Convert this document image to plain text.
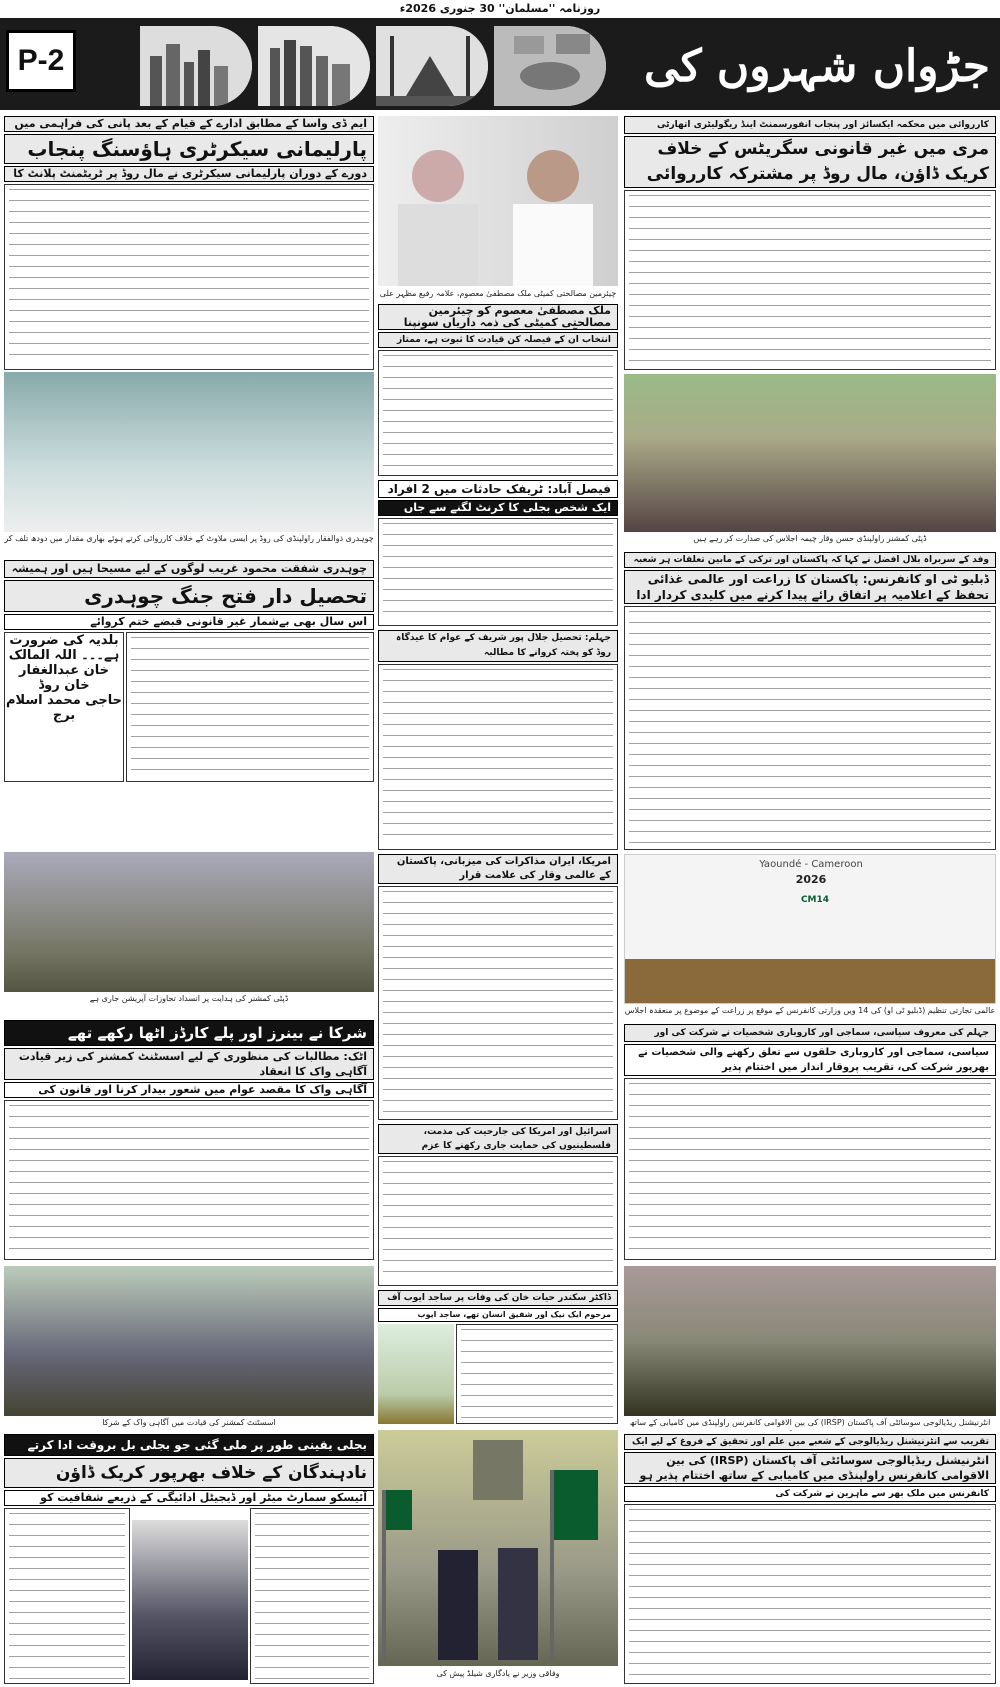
روزنامہ ''مسلمان'' 30 جنوری 2026ء
P-2	جڑواں شہروں کی
ایم ڈی واسا کے مطابق ادارے کے قیام کے بعد پانی کی فراہمی میں
پارلیمانی سیکرٹری ہاؤسنگ پنجاب
دورے کے دوران پارلیمانی سیکرٹری نے مال روڈ پر ٹریٹمنٹ پلانٹ کا
چوہدری ذوالفقار راولپنڈی کی روڈ پر ایسی ملاوٹ کے خلاف کارروائی کرتے ہوئے بھاری مقدار میں دودھ تلف کر
چوہدری شفقت محمود غریب لوگوں کے لیے مسیحا ہیں اور ہمیشہ
تحصیل دار فتح جنگ چوہدری
اس سال بھی بےشمار غیر قانونی قبضے ختم کروائے
بلدیہ کی ضرورت ہے۔۔۔ اللہ المالک
خان عبدالغفار خان روڈ
حاجی محمد اسلام برج
ڈپٹی کمشنر کی ہدایت پر انسداد تجاوزات آپریشن جاری ہے
شرکا نے بینرز اور پلے کارڈز اٹھا رکھے تھے
اٹک: مطالبات کی منظوری کے لیے اسسٹنٹ کمشنر کی زیر قیادت آگاہی واک کا انعقاد
آگاہی واک کا مقصد عوام میں شعور بیدار کرنا اور قانون کی
اسسٹنٹ کمشنر کی قیادت میں آگاہی واک کے شرکا
بجلی یقینی طور پر ملی گئی جو بجلی بل بروقت ادا کرتے
نادہندگان کے خلاف بھرپور کریک ڈاؤن
آئیسکو سمارٹ میٹر اور ڈیجیٹل ادائیگی کے ذریعے شفافیت کو
چیئرمین مصالحتی کمیٹی ملک مصطفیٰ معصوم، علامہ رفیع مظہر علی
ملک مصطفیٰ معصوم کو چیئرمین مصالحتی کمیٹی کی ذمہ داریاں سونپنا
انتخاب ان کے فیصلہ کن قیادت کا ثبوت ہے، ممتاز
فیصل آباد: ٹریفک حادثات میں 2 افراد
ایک شخص بجلی کا کرنٹ لگنے سے جاں
جہلم: تحصیل جلال پور شریف کے عوام کا عیدگاہ روڈ کو پختہ کروانے کا مطالبہ
امریکا، ایران مذاکرات کی میزبانی، پاکستان کے عالمی وقار کی علامت قرار
اسرائیل اور امریکا کی جارحیت کی مذمت، فلسطینیوں کی حمایت جاری رکھنے کا عزم
ڈاکٹر سکندر حیات خان کی وفات پر ساجد ایوب آف
مرحوم ایک نیک اور شفیق انسان تھے، ساجد ایوب
وفاقی وزیر نے یادگاری شیلڈ پیش کی
کارروائی میں محکمہ ایکسائز اور پنجاب انفورسمنٹ اینڈ ریگولیٹری اتھارٹی
مری میں غیر قانونی سگریٹس کے خلاف کریک ڈاؤن، مال روڈ پر مشترکہ کارروائی
ڈپٹی کمشنر راولپنڈی حسن وقار چیمہ اجلاس کی صدارت کر رہے ہیں
وفد کے سربراہ بلال افضل نے کہا کہ پاکستان اور ترکی کے مابین تعلقات ہر شعبہ
ڈبلیو ٹی او کانفرنس: پاکستان کا زراعت اور عالمی غذائی تحفظ کے اعلامیہ پر اتفاق رائے پیدا کرنے میں کلیدی کردار ادا
Yaoundé - Cameroon
2026
CM14
عالمی تجارتی تنظیم (ڈبلیو ٹی او) کی 14 ویں وزارتی کانفرنس کے موقع پر زراعت کے موضوع پر منعقدہ اجلاس
جہلم کی معروف سیاسی، سماجی اور کاروباری شخصیات نے شرکت کی اور
سیاسی، سماجی اور کاروباری حلقوں سے تعلق رکھنے والی شخصیات نے بھرپور شرکت کی، تقریب پروقار انداز میں اختتام پذیر
انٹرنیشنل ریڈیالوجی سوسائٹی آف پاکستان (IRSP) کی بین الاقوامی کانفرنس راولپنڈی میں کامیابی کے ساتھ
تقریب سے انٹرنیشنل ریڈیالوجی کے شعبے میں علم اور تحقیق کے فروغ کے لیے ایک
انٹرنیشنل ریڈیالوجی سوسائٹی آف پاکستان (IRSP) کی بین الاقوامی کانفرنس راولپنڈی میں کامیابی کے ساتھ اختتام پذیر ہو
کانفرنس میں ملک بھر سے ماہرین نے شرکت کی
